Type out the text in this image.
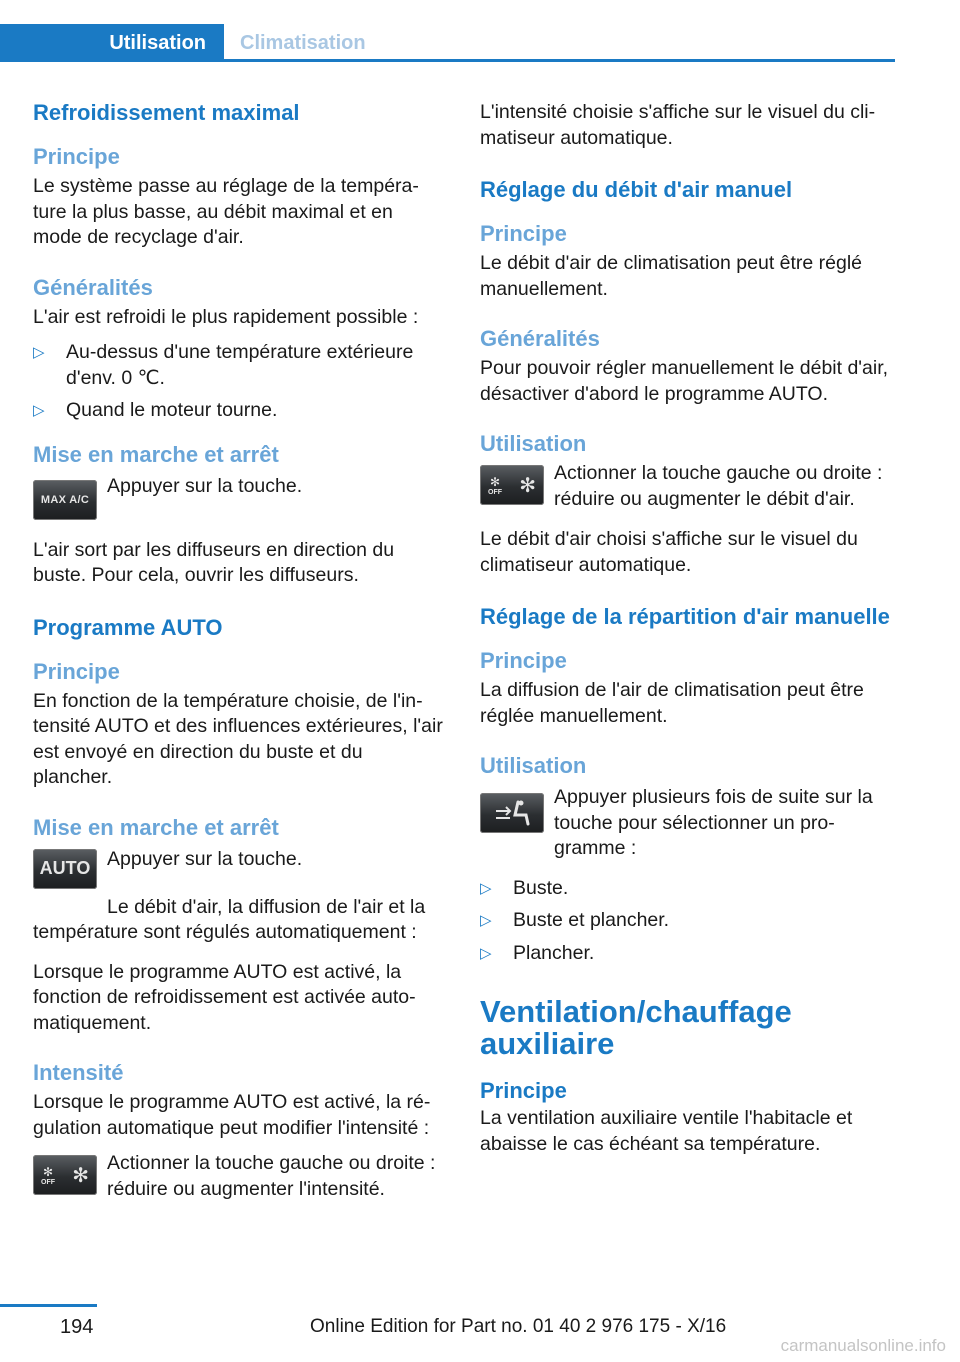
Utilisation	Climatisation
Refroidissement maximal
Principe

Le système passe au réglage de la température la plus basse, au débit maximal et en mode de recyclage d'air.

Généralités

L'air est refroidi le plus rapidement possible :

▷ Au-dessus d'une température extérieure d'env. 0 ℃.
▷ Quand le moteur tourne.
Mise en marche et arrêt
MAX A/C

Appuyer sur la touche.

L'air sort par les diffuseurs en direction du buste. Pour cela, ouvrir les diffuseurs.

Programme AUTO
Principe

En fonction de la température choisie, de l'intensité AUTO et des influences extérieures, l'air est envoyé en direction du buste et du plancher.

Mise en marche et arrêt
AUTO Appuyer sur la touche.

Le débit d'air, la diffusion de l'air et la température sont régulés automatiquement :

Lorsque le programme AUTO est activé, la fonction de refroidissement est activée automatiquement.

Intensité

Lorsque le programme AUTO est activé, la régulation automatique peut modifier l'intensité :

✻
OFF ✻

Actionner la touche gauche ou droite : réduire ou augmenter l'intensité.

L'intensité choisie s'affiche sur le visuel du climatiseur automatique.

Réglage du débit d'air manuel
Principe

Le débit d'air de climatisation peut être réglé manuellement.

Généralités

Pour pouvoir régler manuellement le débit d'air, désactiver d'abord le programme AUTO.

Utilisation
✻
OFF ✻

Actionner la touche gauche ou droite : réduire ou augmenter le débit d'air.

Le débit d'air choisi s'affiche sur le visuel du climatiseur automatique.

Réglage de la répartition d'air manuelle
Principe

La diffusion de l'air de climatisation peut être réglée manuellement.

Utilisation

Appuyer plusieurs fois de suite sur la touche pour sélectionner un programme :

▷ Buste.
▷ Buste et plancher.
▷ Plancher.
Ventilation/chauffage auxiliaire
Principe

La ventilation auxiliaire ventile l'habitacle et abaisse le cas échéant sa température.

194	Online Edition for Part no. 01 40 2 976 175 - X/16
carmanualsonline.info
